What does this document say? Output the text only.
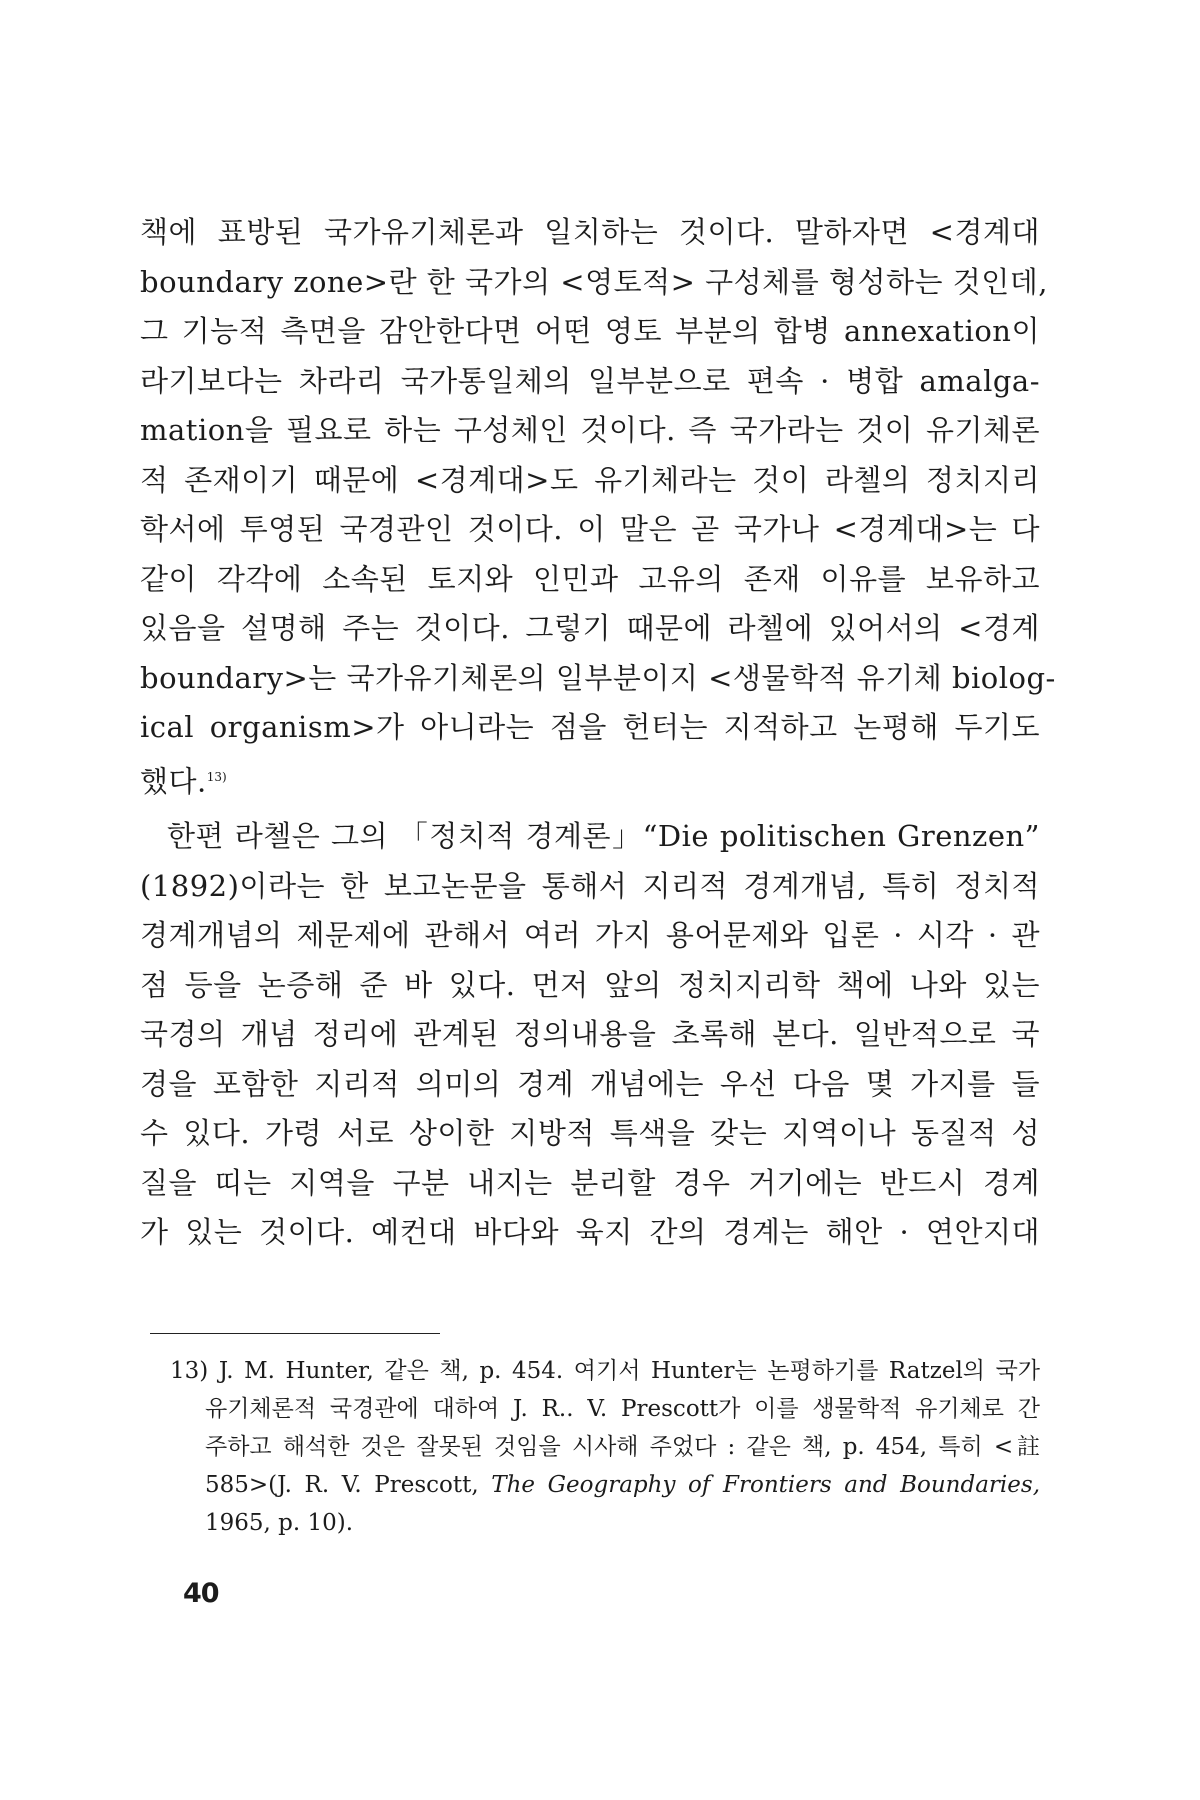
책에 표방된 국가유기체론과 일치하는 것이다. 말하자면 <경계대
boundary zone>란 한 국가의 <영토적> 구성체를 형성하는 것인데,
그 기능적 측면을 감안한다면 어떤 영토 부분의 합병 annexation이
라기보다는 차라리 국가통일체의 일부분으로 편속 · 병합 amalga-
mation을 필요로 하는 구성체인 것이다. 즉 국가라는 것이 유기체론
적 존재이기 때문에 <경계대>도 유기체라는 것이 라첼의 정치지리
학서에 투영된 국경관인 것이다. 이 말은 곧 국가나 <경계대>는 다
같이 각각에 소속된 토지와 인민과 고유의 존재 이유를 보유하고
있음을 설명해 주는 것이다. 그렇기 때문에 라첼에 있어서의 <경계
boundary>는 국가유기체론의 일부분이지 <생물학적 유기체 biolog-
ical organism>가 아니라는 점을 헌터는 지적하고 논평해 두기도
했다.$^{13)}$
한편 라첼은 그의 「정치적 경계론」“Die politischen Grenzen”
(1892)이라는 한 보고논문을 통해서 지리적 경계개념, 특히 정치적
경계개념의 제문제에 관해서 여러 가지 용어문제와 입론 · 시각 · 관
점 등을 논증해 준 바 있다. 먼저 앞의 정치지리학 책에 나와 있는
국경의 개념 정리에 관계된 정의내용을 초록해 본다. 일반적으로 국
경을 포함한 지리적 의미의 경계 개념에는 우선 다음 몇 가지를 들
수 있다. 가령 서로 상이한 지방적 특색을 갖는 지역이나 동질적 성
질을 띠는 지역을 구분 내지는 분리할 경우 거기에는 반드시 경계
가 있는 것이다. 예컨대 바다와 육지 간의 경계는 해안 · 연안지대
13) J. M. Hunter, 같은 책, p. 454. 여기서 Hunter는 논평하기를 Ratzel의 국가
유기체론적 국경관에 대하여 J. R.. V. Prescott가 이를 생물학적 유기체로 간
주하고 해석한 것은 잘못된 것임을 시사해 주었다 : 같은 책, p. 454, 특히 <註
585>(J. R. V. Prescott, The Geography of Frontiers and Boundaries,
1965, p. 10).
40
